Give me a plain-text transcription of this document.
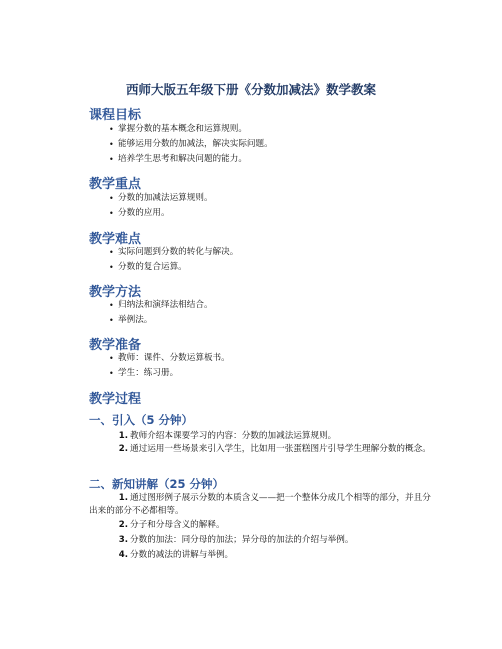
西师大版五年级下册《分数加减法》数学教案
课程目标
• 掌握分数的基本概念和运算规则。
• 能够运用分数的加减法，解决实际问题。
• 培养学生思考和解决问题的能力。
教学重点
• 分数的加减法运算规则。
• 分数的应用。
教学难点
• 实际问题到分数的转化与解决。
• 分数的复合运算。
教学方法
• 归纳法和演绎法相结合。
• 举例法。
教学准备
• 教师：课件、分数运算板书。
• 学生：练习册。
教学过程
一、引入（5 分钟）
1. 教师介绍本课要学习的内容：分数的加减法运算规则。
2. 通过运用一些场景来引入学生，比如用一张蛋糕图片引导学生理解分数的概念。
二、新知讲解（25 分钟）
1. 通过图形例子展示分数的本质含义——把一个整体分成几个相等的部分，并且分出来的部分不必都相等。
2. 分子和分母含义的解释。
3. 分数的加法：同分母的加法；异分母的加法的介绍与举例。
4. 分数的减法的讲解与举例。
